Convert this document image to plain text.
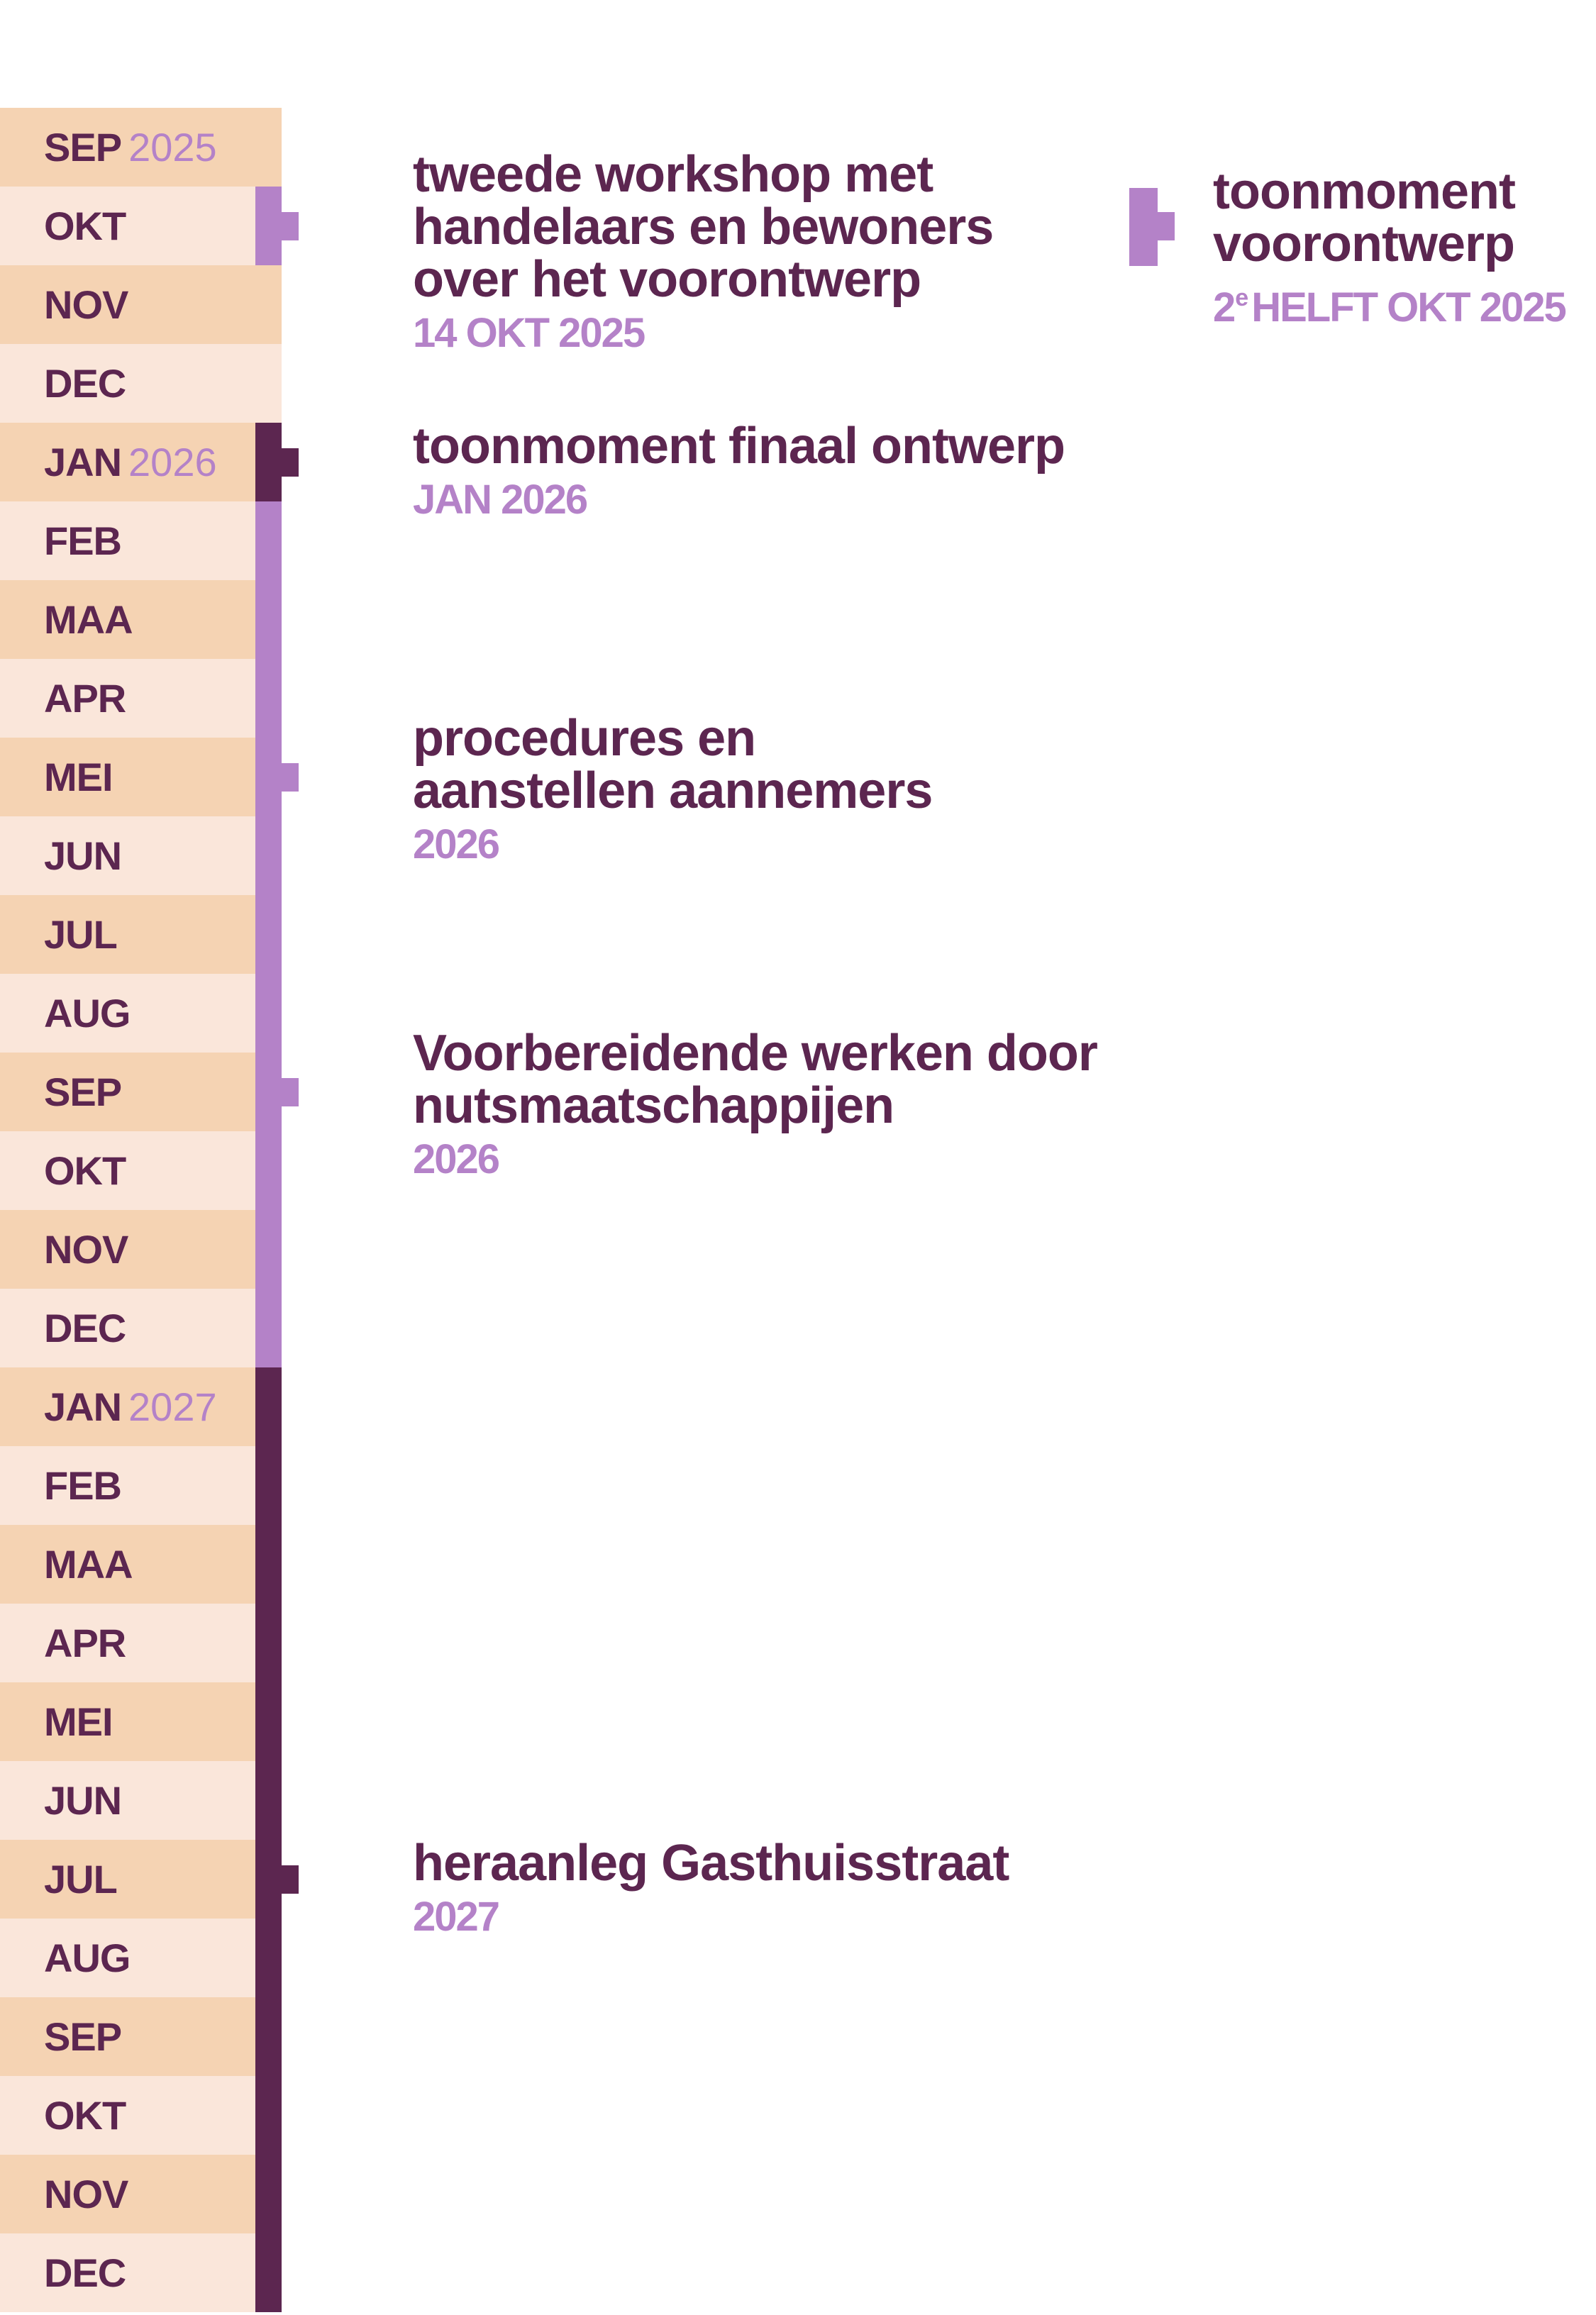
SEP 2025
OKT
NOV
DEC
JAN 2026
FEB
MAA
APR
MEI
JUN
JUL
AUG
SEP
OKT
NOV
DEC
JAN 2027
FEB
MAA
APR
MEI
JUN
JUL
AUG
SEP
OKT
NOV
DEC
tweede workshop met
handelaars en bewoners
over het voorontwerp
14 OKT 2025
toonmoment finaal ontwerp
JAN 2026
procedures en
aanstellen aannemers
2026
Voorbereidende werken door
nutsmaatschappijen
2026
heraanleg Gasthuisstraat
2027
toonmoment
voorontwerp
2e HELFT OKT 2025
